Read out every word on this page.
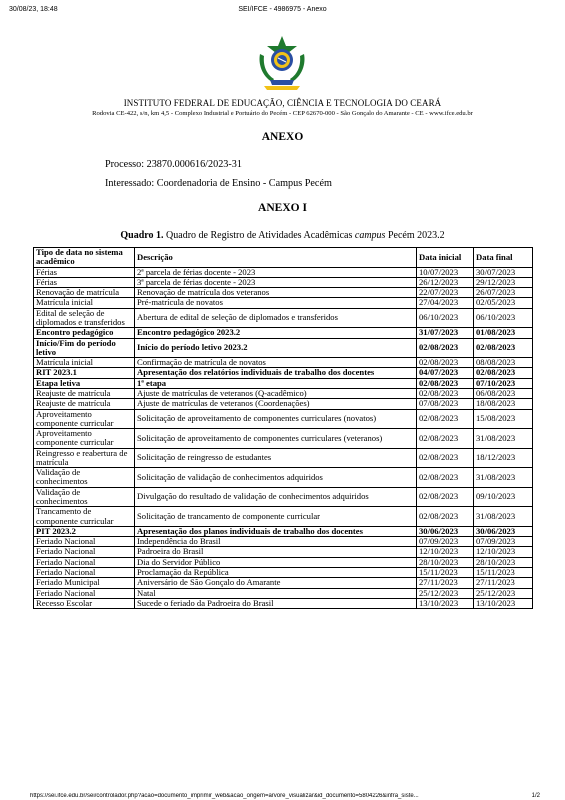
30/08/23, 18:48	SEI/IFCE - 4986975 - Anexo
INSTITUTO FEDERAL DE EDUCAÇÃO, CIÊNCIA E TECNOLOGIA DO CEARÁ
Rodovia CE-422, s/n, km 4,5 - Complexo Industrial e Portuário do Pecém - CEP 62670-000 - São Gonçalo do Amarante - CE - www.ifce.edu.br
ANEXO
Processo: 23870.000616/2023-31
Interessado: Coordenadoria de Ensino - Campus Pecém
ANEXO I
Quadro 1. Quadro de Registro de Atividades Acadêmicas campus Pecém 2023.2
Tipo de data no sistema acadêmico	Descrição	Data inicial	Data final
Férias	2ª parcela de férias docente - 2023	10/07/2023	30/07/2023
Férias	3ª parcela de férias docente - 2023	26/12/2023	29/12/2023
Renovação de matrícula	Renovação de matrícula dos veteranos	22/07/2023	26/07/2023
Matrícula inicial	Pré-matrícula de novatos	27/04/2023	02/05/2023
Edital de seleção de diplomados e transferidos	Abertura de edital de seleção de diplomados e transferidos	06/10/2023	06/10/2023
Encontro pedagógico	Encontro pedagógico 2023.2	31/07/2023	01/08/2023
Início/Fim do período letivo	Início do período letivo 2023.2	02/08/2023	02/08/2023
Matrícula inicial	Confirmação de matrícula de novatos	02/08/2023	08/08/2023
RIT 2023.1	Apresentação dos relatórios individuais de trabalho dos docentes	04/07/2023	02/08/2023
Etapa letiva	1ª etapa	02/08/2023	07/10/2023
Reajuste de matrícula	Ajuste de matrículas de veteranos (Q-acadêmico)	02/08/2023	06/08/2023
Reajuste de matrícula	Ajuste de matrículas de veteranos (Coordenações)	07/08/2023	18/08/2023
Aproveitamento componente curricular	Solicitação de aproveitamento de componentes curriculares (novatos)	02/08/2023	15/08/2023
Aproveitamento componente curricular	Solicitação de aproveitamento de componentes curriculares (veteranos)	02/08/2023	31/08/2023
Reingresso e reabertura de matrícula	Solicitação de reingresso de estudantes	02/08/2023	18/12/2023
Validação de conhecimentos	Solicitação de validação de conhecimentos adquiridos	02/08/2023	31/08/2023
Validação de conhecimentos	Divulgação do resultado de validação de conhecimentos adquiridos	02/08/2023	09/10/2023
Trancamento de componente curricular	Solicitação de trancamento de componente curricular	02/08/2023	31/08/2023
PIT 2023.2	Apresentação dos planos individuais de trabalho dos docentes	30/06/2023	30/06/2023
Feriado Nacional	Independência do Brasil	07/09/2023	07/09/2023
Feriado Nacional	Padroeira do Brasil	12/10/2023	12/10/2023
Feriado Nacional	Dia do Servidor Público	28/10/2023	28/10/2023
Feriado Nacional	Proclamação da República	15/11/2023	15/11/2023
Feriado Municipal	Aniversário de São Gonçalo do Amarante	27/11/2023	27/11/2023
Feriado Nacional	Natal	25/12/2023	25/12/2023
Recesso Escolar	Sucede o feriado da Padroeira do Brasil	13/10/2023	13/10/2023
https://sei.ifce.edu.br/sei/controlador.php?acao=documento_imprimir_web&acao_origem=arvore_visualizar&id_documento=5804226&infra_siste...	1/2
